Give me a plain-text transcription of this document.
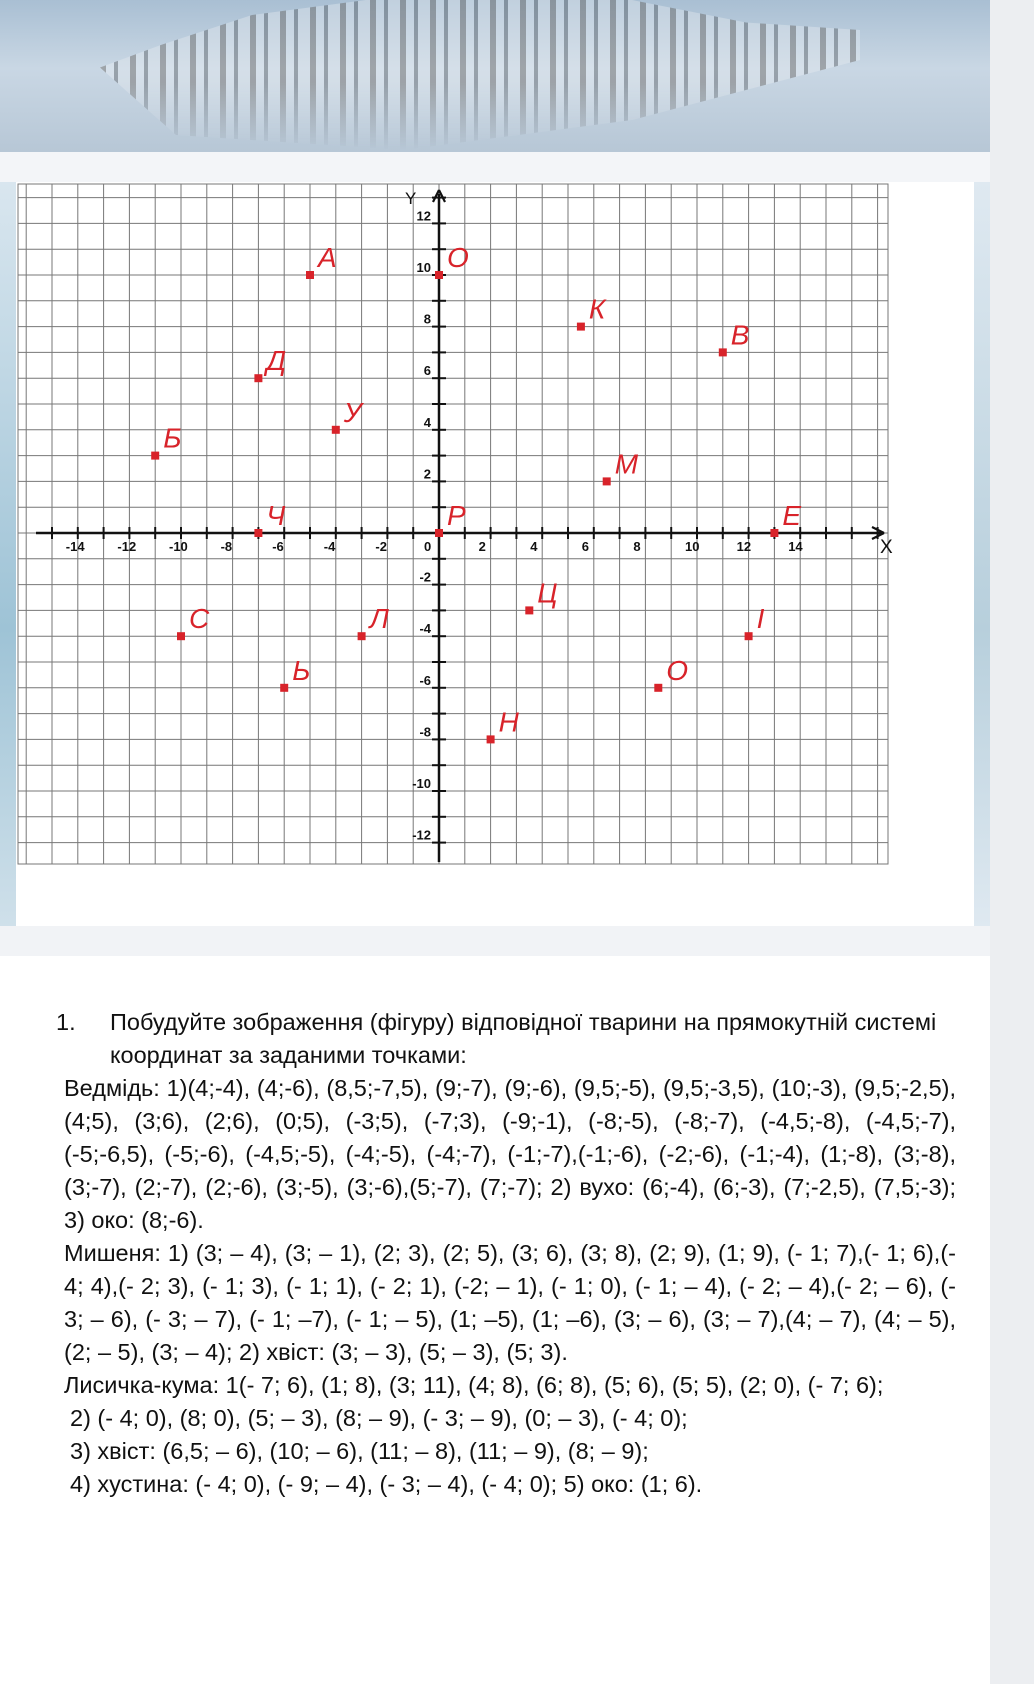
X
Y
-14	-12	-10	-8	-6	-4	-2	0	2	4	6	8	10	12	14
12
10
8
6
4
2
-2
-4
-6
-8
-10
-12
А	О
К
В
Д
У
Б
М
Ч	Р	Е
Ц
С	Л	І
Ь	О
Н
1. Побудуйте зображення (фігуру) відповідної тварини на прямокутній системі координат за заданими точками:

Ведмідь: 1)(4;-4), (4;-6), (8,5;-7,5), (9;-7), (9;-6), (9,5;-5), (9,5;-3,5), (10;-3), (9,5;-2,5), (4;5), (3;6), (2;6), (0;5), (-3;5), (-7;3), (-9;-1), (-8;-5), (-8;-7), (-4,5;-8), (-4,5;-7), (-5;-6,5), (-5;-6), (-4,5;-5), (-4;-5), (-4;-7), (-1;-7),(-1;-6), (-2;-6), (-1;-4), (1;-8), (3;-8), (3;-7), (2;-7), (2;-6), (3;-5), (3;-6),(5;-7), (7;-7); 2) вухо: (6;-4), (6;-3), (7;-2,5), (7,5;-3); 3) око: (8;-6).

Мишеня: 1) (3; – 4), (3; – 1), (2; 3), (2; 5), (3; 6), (3; 8), (2; 9), (1; 9), (- 1; 7),(- 1; 6),(- 4; 4),(- 2; 3), (- 1; 3), (- 1; 1), (- 2; 1), (-2; – 1), (- 1; 0), (- 1; – 4), (- 2; – 4),(- 2; – 6), (- 3; – 6), (- 3; – 7), (- 1; –7), (- 1; – 5), (1; –5), (1; –6), (3; – 6), (3; – 7),(4; – 7), (4; – 5), (2; – 5), (3; – 4); 2) хвіст: (3; – 3), (5; – 3), (5; 3).

Лисичка-кума: 1(- 7; 6), (1; 8), (3; 11), (4; 8), (6; 8), (5; 6), (5; 5), (2; 0), (- 7; 6);

2) (- 4; 0), (8; 0), (5; – 3), (8; – 9), (- 3; – 9), (0; – 3), (- 4; 0);

3) хвіст: (6,5; – 6), (10; – 6), (11; – 8), (11; – 9), (8; – 9);

4) хустина: (- 4; 0), (- 9; – 4), (- 3; – 4), (- 4; 0); 5) око: (1; 6).
